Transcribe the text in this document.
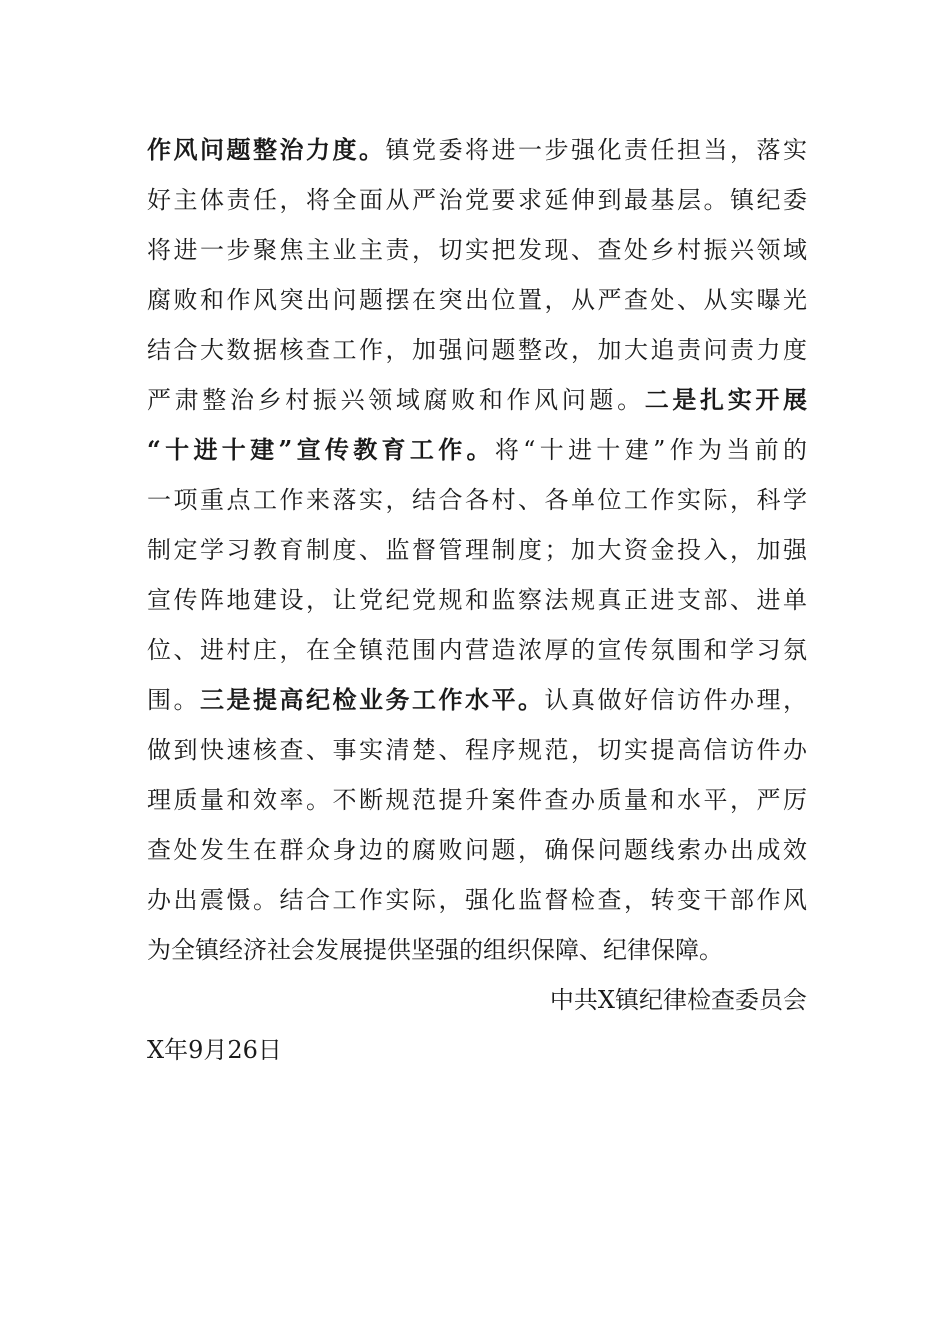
作风问题整治力度。镇党委将进一步强化责任担当，落实
好主体责任，将全面从严治党要求延伸到最基层。镇纪委
将进一步聚焦主业主责，切实把发现、查处乡村振兴领域
腐败和作风突出问题摆在突出位置，从严查处、从实曝光
结合大数据核查工作，加强问题整改，加大追责问责力度
严肃整治乡村振兴领域腐败和作风问题。二是扎实开展
“十进十建”宣传教育工作。将“十进十建”作为当前的
一项重点工作来落实，结合各村、各单位工作实际，科学
制定学习教育制度、监督管理制度；加大资金投入，加强
宣传阵地建设，让党纪党规和监察法规真正进支部、进单
位、进村庄，在全镇范围内营造浓厚的宣传氛围和学习氛
围。三是提高纪检业务工作水平。认真做好信访件办理，
做到快速核查、事实清楚、程序规范，切实提高信访件办
理质量和效率。不断规范提升案件查办质量和水平，严厉
查处发生在群众身边的腐败问题，确保问题线索办出成效
办出震慑。结合工作实际，强化监督检查，转变干部作风
为全镇经济社会发展提供坚强的组织保障、纪律保障。
中共X镇纪律检查委员会
X年9月26日
